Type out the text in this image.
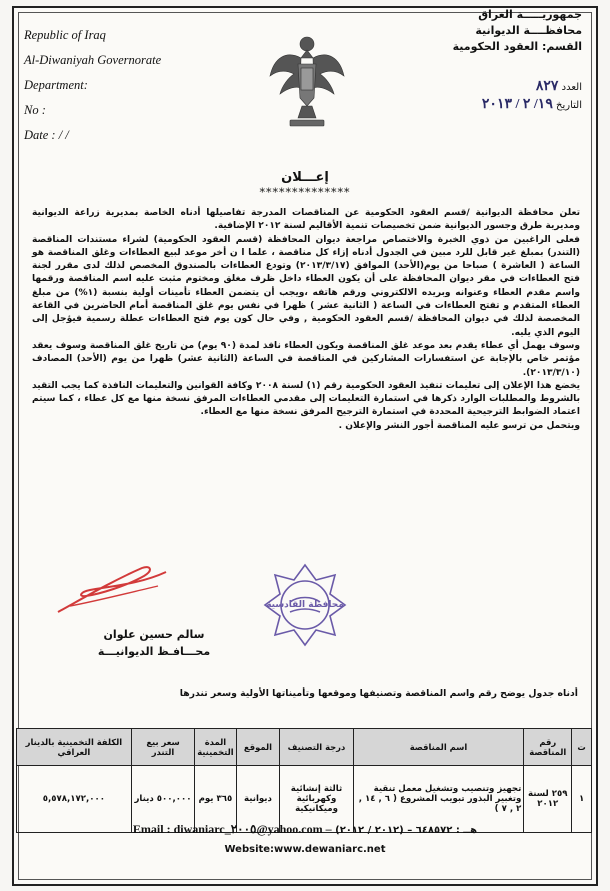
Republic of Iraq
Al-Diwaniyah Governorate
Department:
No :
Date : / /
جمهوريـــــة العراق
محافظــــة الديوانية
القسم: العقود الحكومية
العدد ٨٢٧
التاريخ ١٩/ ٢ / ٢٠١٣
إعـــلان
**************

تعلن محافظة الديوانية /قسم العقود الحكومية عن المناقصات المدرجة تفاصيلها أدناه الخاصة بمديرية زراعة الديوانية ومديرية طرق وجسور الديوانية ضمن تخصيصات تنمية الأقاليم لسنة ٢٠١٢ الإضافية.

فعلى الراغبين من ذوي الخبرة والاختصاص مراجعة ديوان المحافظة (قسم العقود الحكومية) لشراء مستندات المناقصة (التندر) بمبلغ غير قابل للرد مبين في الجدول أدناه إزاء كل مناقصة ، علما ا ن أخر موعد لبيع العطاءات وغلق المناقصة هو الساعة ( العاشرة ) صباحا من يوم(الأحد) الموافق (٢٠١٣/٣/١٧) وتودع العطاءات بالصندوق المخصص لذلك لدى مقرر لجنة فتح العطاءات في مقر ديوان المحافظة على أن يكون العطاء داخل ظرف مغلق ومختوم مثبت عليه اسم المناقصة ورقمها واسم مقدم العطاء وعنوانه وبريده الالكتروني ورقم هاتفه ،ويجب أن يتضمن العطاء تأمينات أولية بنسبة (١%) من مبلغ العطاء المتقدم و تفتح العطاءات في الساعة ( الثانية عشر ) ظهرا في نفس يوم غلق المناقصة أمام الحاضرين في القاعة المخصصة لذلك في ديوان المحافظة /قسم العقود الحكومية , وفي حال كون يوم فتح العطاءات عطلة رسمية فيؤجل إلى اليوم الذي يليه.

وسوف يهمل أي عطاء يقدم بعد موعد غلق المناقصة ويكون العطاء نافذ لمدة (٩٠ يوم) من تاريخ غلق المناقصة وسوف يعقد مؤتمر خاص بالإجابة عن استفسارات المشاركين في المناقصة في الساعة (الثانية عشر) ظهرا من يوم (الأحد) المصادف (٢٠١٣/٣/١٠).

يخضع هذا الإعلان إلى تعليمات تنفيذ العقود الحكومية رقم (١) لسنة ٢٠٠٨ وكافة القوانين والتعليمات النافذة كما يجب التقيد بالشروط والمطلبات الوارد ذكرها في استمارة التعليمات إلى مقدمي العطاءات المرفق نسخة منها مع كل عطاء ، كما سيتم اعتماد الضوابط الترجيحية المحددة في استمارة الترجيح المرفق نسخة منها مع العطاء.

ويتحمل من ترسو عليه المناقصة أجور النشر والإعلان .

محافظة القادسية
سالم حسين علوان
محـــافـظ الديوانيـــة
أدناه جدول يوضح رقم واسم المناقصة وتصنيفها وموقعها وتأميناتها الأولية وسعر تندرها
ت	رقم المناقصة	اسم المناقصة	درجة التصنيف	الموقع	المدة التخمينية	سعر بيع التندر	الكلفة التخمينية بالدينار العراقي
١	٢٥٩ لسنة ٢٠١٢	تجهيز وتنصيب وتشغيل معمل تنقية وتغبير البذور تبويب المشروع ( ٦ , ١٤ , ٢ , ٧ )	ثالثة إنشائية وكهربائية وميكانيكية	ديوانية	٣٦٥ يوم	٥٠٠,٠٠٠ دينار	٥,٥٧٨,١٧٢,٠٠٠
Email : diwaniarc_٢٠٠٥@yahoo.com – هــ : ٦٤٨٥٧٢ – (٢٠١٢ / ٢٠١٢)
Website:www.dewaniarc.net
